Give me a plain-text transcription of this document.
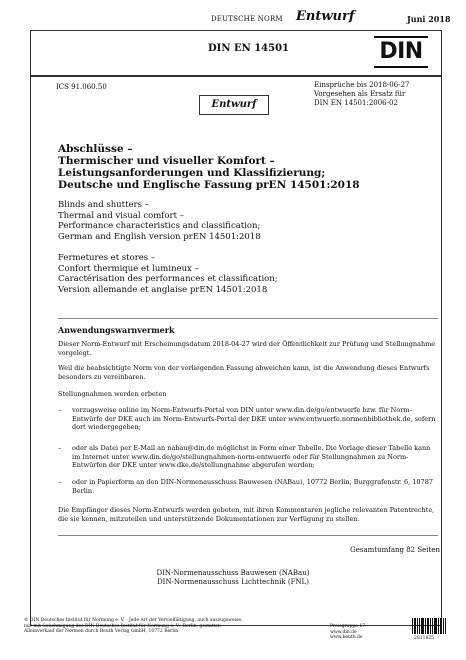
DEUTSCHE NORM Entwurf	Juni 2018
DIN EN 14501	DIN
ICS 91.060.50	Einsprüche bis 2018-06-27
Vorgesehen als Ersatz für
DIN EN 14501:2006-02
Entwurf
Abschlüsse –
Thermischer und visueller Komfort –
Leistungsanforderungen und Klassifizierung;
Deutsche und Englische Fassung prEN 14501:2018
Blinds and shutters –
Thermal and visual comfort –
Performance characteristics and classification;
German and English version prEN 14501:2018
Fermetures et stores –
Confort thermique et lumineux –
Caractérisation des performances et classification;
Version allemande et anglaise prEN 14501:2018
Anwendungswarnvermerk
Dieser Norm-Entwurf mit Erscheinungsdatum 2018-04-27 wird der Öffentlichkeit zur Prüfung und Stellungnahme vorgelegt.
Weil die beabsichtigte Norm von der vorliegenden Fassung abweichen kann, ist die Anwendung dieses Entwurfs besonders zu vereinbaren.
Stellungnahmen werden erbeten
– vorzugsweise online im Norm-Entwurfs-Portal von DIN unter www.din.de/go/entwuerfe bzw. für Norm-Entwürfe der DKE auch im Norm-Entwurfs-Portal der DKE unter www.entwuerfe.normenbibliothek.de, sofern dort wiedergegeben;
– oder als Datei per E-Mail an nabau@din.de möglichst in Form einer Tabelle. Die Vorlage dieser Tabelle kann im Internet unter www.din.de/go/stellungnahmen-norm-entwuerfe oder für Stellungnahmen zu Norm-Entwürfen der DKE unter www.dke.de/stellungnahme abgerufen werden;
– oder in Papierform an den DIN-Normenausschuss Bauwesen (NABau), 10772 Berlin, Burggrafenstr. 6, 10787 Berlin.
Die Empfänger dieses Norm-Entwurfs werden gebeten, mit ihren Kommentaren jegliche relevanten Patentrechte, die sie kennen, mitzuteilen und unterstützende Dokumentationen zur Verfügung zu stellen.
Gesamtumfang 82 Seiten
DIN-Normenausschuss Bauwesen (NABau)
DIN-Normenausschuss Lichttechnik (FNL)
© DIN Deutsches Institut für Normung e. V. · Jede Art der Vervielfältigung, auch auszugsweise,
nur mit Genehmigung des DIN Deutsches Institut für Normung e. V., Berlin, gestattet.
Alleinverkauf der Normen durch Beuth Verlag GmbH, 10772 Berlin
Preisgruppe 17
www.din.de
www.beuth.de	2811825
